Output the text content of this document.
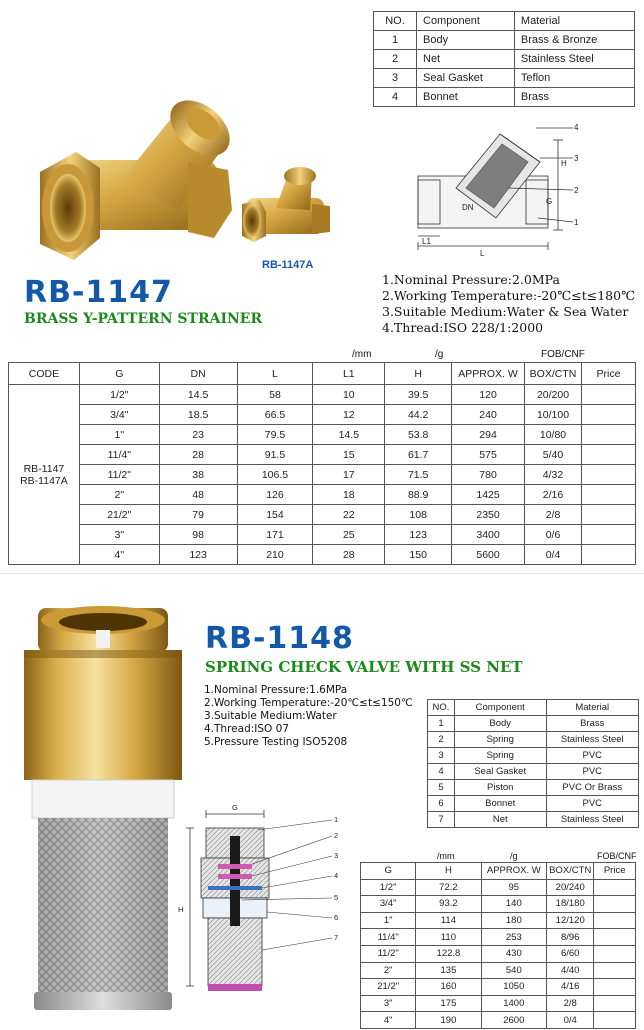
RB-1147A
NO.	Component	Material
1	Body	Brass & Bronze
2	Net	Stainless Steel
3	Seal Gasket	Teflon
4	Bonnet	Brass
4
3
2
1
H
G
DN
L1
L
RB-1147
BRASS Y-PATTERN STRAINER
1.Nominal Pressure:2.0MPa
2.Working Temperature:-20℃≤t≤180℃
3.Suitable Medium:Water & Sea Water
4.Thread:ISO 228/1:2000
/mm	/g	FOB/CNF
CODE	G	DN	L	L1	H	APPROX. W	BOX/CTN	Price

RB-1147
RB-1147A	1/2"	14.5	58	10	39.5	120	20/200	
	3/4"	18.5	66.5	12	44.2	240	10/100	
	1"	23	79.5	14.5	53.8	294	10/80	
	11/4"	28	91.5	15	61.7	575	5/40	
	11/2"	38	106.5	17	71.5	780	4/32	
	2"	48	126	18	88.9	1425	2/16	
	21/2"	79	154	22	108	2350	2/8	
	3"	98	171	25	123	3400	0/6	
	4"	123	210	28	150	5600	0/4	
RB-1148
SPRING CHECK VALVE WITH SS NET
1.Nominal Pressure:1.6MPa
2.Working Temperature:-20℃≤t≤150℃
3.Suitable Medium:Water
4.Thread:ISO 07
5.Pressure Testing ISO5208
NO.	Component	Material
1	Body	Brass
2	Spring	Stainless Steel
3	Spring	PVC
4	Seal Gasket	PVC
5	Piston	PVC Or Brass
6	Bonnet	PVC
7	Net	Stainless Steel
1
2
3
4
5
6
7
G
H
/mm	/g	FOB/CNF
G	H	APPROX. W	BOX/CTN	Price
1/2"	72.2	95	20/240	
3/4"	93.2	140	18/180	
1"	114	180	12/120	
11/4"	110	253	8/96	
11/2"	122.8	430	6/60	
2"	135	540	4/40	
21/2"	160	1050	4/16	
3"	175	1400	2/8	
4"	190	2600	0/4	
